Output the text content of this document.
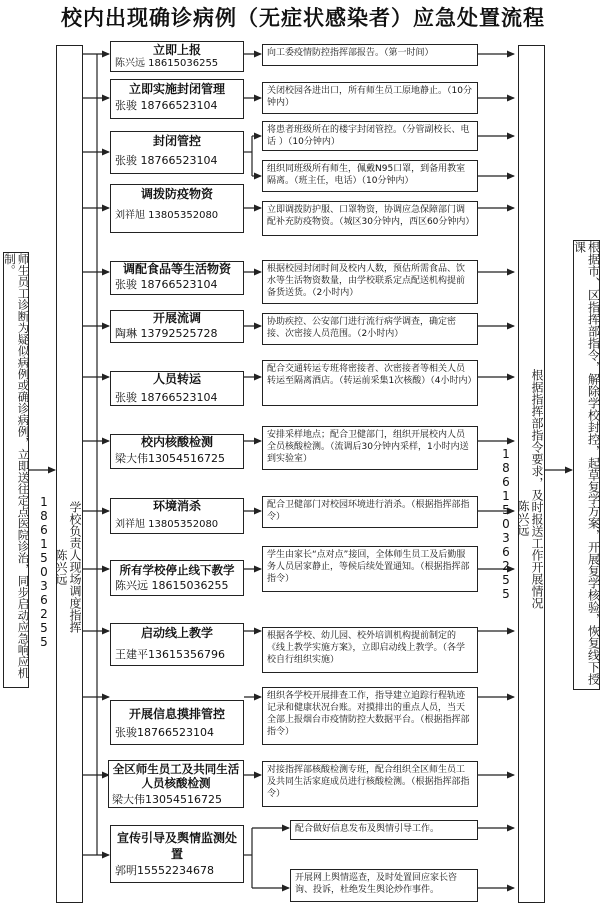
校内出现确诊病例（无症状感染者）应急处置流程
师生员工诊断为疑似病例或确诊病例，立即送往定点医院诊治，同步启动应急响应机制。
学校负责人现场调度指挥
陈兴远
18615036255	根据指挥部指令要求，及时报送工作开展情况
陈兴远
18615036255	根据市、区指挥部指令，解除学校封控，起草复学方案，开展复学核验，恢复线下授课
立即上报
陈兴远 18615036255
向工委疫情防控指挥部报告。（第一时间）
立即实施封闭管理
张骏 18766523104
关闭校园各进出口，所有师生员工原地静止。（10分钟内）
封闭管控
张骏 18766523104
将患者班级所在的楼宇封闭管控。（分管副校长、电话 ）（10分钟内）
组织同班级所有师生，佩戴N95口罩，到备用教室隔离。（班主任，电话）（10分钟内）
调拨防疫物资
刘祥旭 13805352080	立即调拨防护服、口罩物资，协调应急保障部门调配补充防疫物资。（城区30分钟内，西区60分钟内）
调配食品等生活物资
张骏 18766523104
根据校园封闭时间及校内人数，预估所需食品、饮水等生活物资数量，由学校联系定点配送机构提前备货送货。（2小时内）
开展流调
陶琳 13792525728
协助疾控、公安部门进行流行病学调查，确定密接、次密接人员范围。（2小时内）
人员转运
张骏 18766523104
配合交通转运专班将密接者、次密接者等相关人员转运至隔离酒店。（转运前采集1次核酸）（4小时内）
校内核酸检测
梁大伟13054516725
安排采样地点；配合卫健部门，组织开展校内人员全员核酸检测。（流调后30分钟内采样，1小时内送到实验室）
环境消杀
刘祥旭 13805352080
配合卫健部门对校园环境进行消杀。（根据指挥部指令）
所有学校停止线下教学
陈兴远 18615036255
学生由家长“点对点”接回，全体师生员工及后勤服务人员居家静止，等候后续处置通知。（根据指挥部指令）
启动线上教学
王建平13615356796
根据各学校、幼儿园、校外培训机构提前制定的《线上教学实施方案》，立即启动线上教学。（各学校自行组织实施）
开展信息摸排管控
张骏18766523104
组织各学校开展排查工作，指导建立追踪行程轨迹记录和健康状况台账。对摸排出的重点人员，当天全部上报烟台市疫情防控大数据平台。（根据指挥部指令）
全区师生员工及共同生活人员核酸检测
梁大伟13054516725
对接指挥部核酸检测专班，配合组织全区师生员工及共同生活家庭成员进行核酸检测。（根据指挥部指令）
宣传引导及舆情监测处置
郭明15552234678
配合做好信息发布及舆情引导工作。
开展网上舆情巡查，及时处置回应家长咨询、投诉，杜绝发生舆论炒作事件。
